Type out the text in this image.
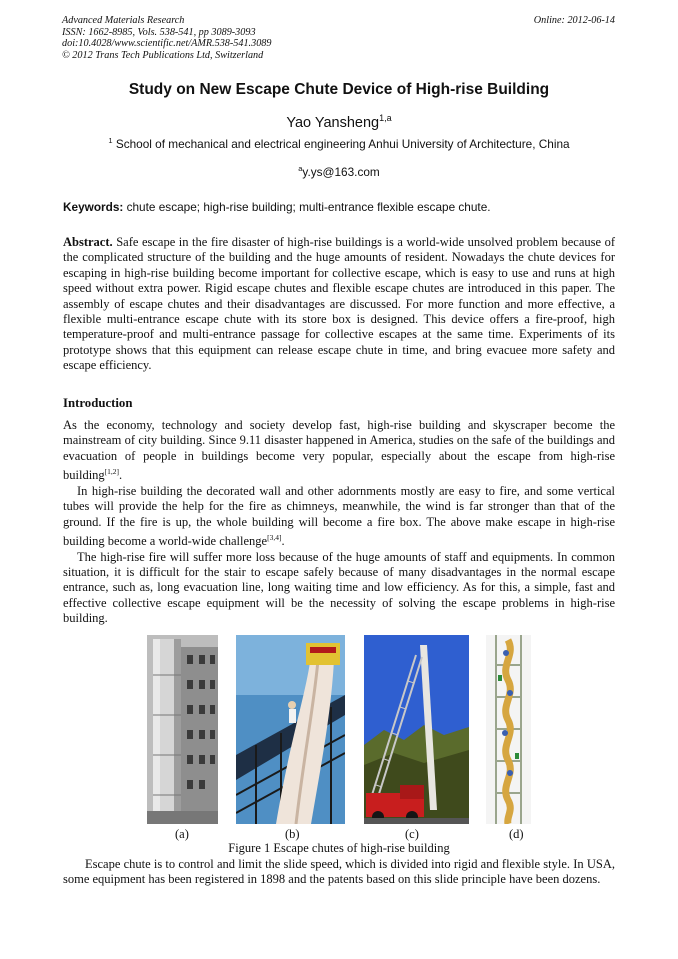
Advanced Materials Research
ISSN: 1662-8985, Vols. 538-541, pp 3089-3093
doi:10.4028/www.scientific.net/AMR.538-541.3089
© 2012 Trans Tech Publications Ltd, Switzerland
Online: 2012-06-14
Study on New Escape Chute Device of High-rise Building
Yao Yansheng$^{1,a}$
$^1$ School of mechanical and electrical engineering Anhui University of Architecture, China
$^a$y.ys@163.com
Keywords: chute escape; high-rise building; multi-entrance flexible escape chute.
Abstract. Safe escape in the fire disaster of high-rise buildings is a world-wide unsolved problem because of the complicated structure of the building and the huge amounts of resident. Nowadays the chute devices for escaping in high-rise building become important for collective escape, which is easy to use and runs at high speed without extra power. Rigid escape chutes and flexible escape chutes are introduced in this paper. The assembly of escape chutes and their disadvantages are discussed. For more function and more effective, a flexible multi-entrance escape chute with its store box is designed. This device offers a fire-proof, high temperature-proof and multi-entrance passage for collective escapes at the same time. Experiments of its prototype shows that this equipment can release escape chute in time, and bring evacuee more safety and escape efficiency.
Introduction
As the economy, technology and society develop fast, high-rise building and skyscraper become the mainstream of city building. Since 9.11 disaster happened in America, studies on the safe of the buildings and evacuation of people in buildings become very popular, especially about the escape from high-rise building[1,2].
In high-rise building the decorated wall and other adornments mostly are easy to fire, and some vertical tubes will provide the help for the fire as chimneys, meanwhile, the wind is far stronger than that of the ground. If the fire is up, the whole building will become a fire box. The above make escape in high-rise building become a world-wide challenge[3,4].
The high-rise fire will suffer more loss because of the huge amounts of staff and equipments. In common situation, it is difficult for the stair to escape safely because of many disadvantages in the normal escape entrance, such as, long evacuation line, long waiting time and low efficiency. As for this, a simple, fast and effective collective escape equipment will be the necessity of solving the escape problems in high-rise building.
(a)	(b)	(c)	(d)
Figure 1 Escape chutes of high-rise building
Escape chute is to control and limit the slide speed, which is divided into rigid and flexible style. In USA, some equipment has been registered in 1898 and the patents based on this slide principle have been dozens.
